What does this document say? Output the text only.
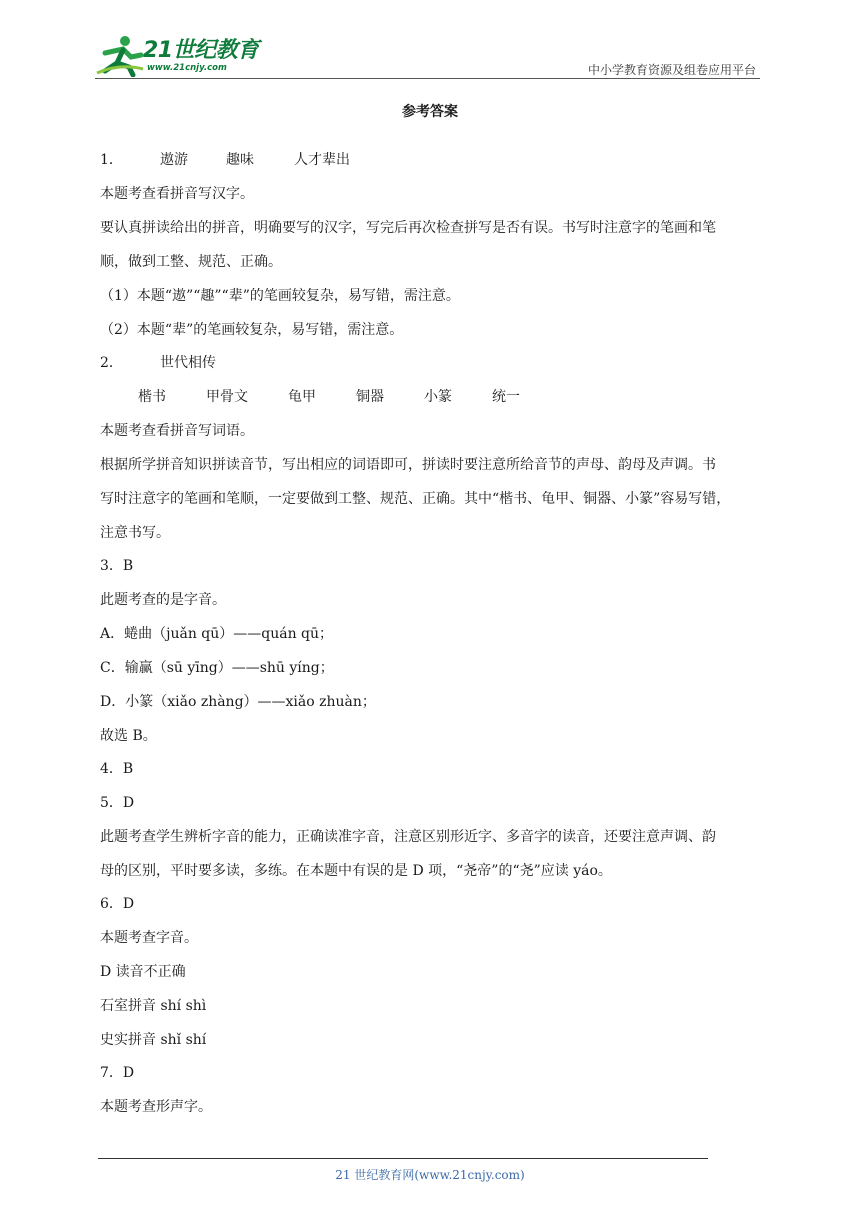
21世纪教育
www.21cnjy.com	中小学教育资源及组卷应用平台
参考答案
1．	遨游	趣味	人才辈出
本题考查看拼音写汉字。
要认真拼读给出的拼音，明确要写的汉字，写完后再次检查拼写是否有误。书写时注意字的笔画和笔
顺，做到工整、规范、正确。
（1）本题“遨”“趣”“辈”的笔画较复杂，易写错，需注意。
（2）本题“辈”的笔画较复杂，易写错，需注意。
2．	世代相传
楷书	甲骨文	龟甲	铜器	小篆	统一
本题考查看拼音写词语。
根据所学拼音知识拼读音节，写出相应的词语即可，拼读时要注意所给音节的声母、韵母及声调。书
写时注意字的笔画和笔顺，一定要做到工整、规范、正确。其中“楷书、龟甲、铜器、小篆”容易写错，
注意书写。
3．B
此题考查的是字音。
A．蜷曲（juǎn qū）——quán qū；
C．输赢（sū yīng）——shū yíng；
D．小篆（xiǎo zhàng）——xiǎo zhuàn；
故选 B。
4．B
5．D
此题考查学生辨析字音的能力，正确读准字音，注意区别形近字、多音字的读音，还要注意声调、韵
母的区别，平时要多读，多练。在本题中有误的是 D 项，“尧帝”的“尧”应读 yáo。
6．D
本题考查字音。
D 读音不正确
石室拼音 shí shì
史实拼音 shǐ shí
7．D
本题考查形声字。
21 世纪教育网(www.21cnjy.com)
